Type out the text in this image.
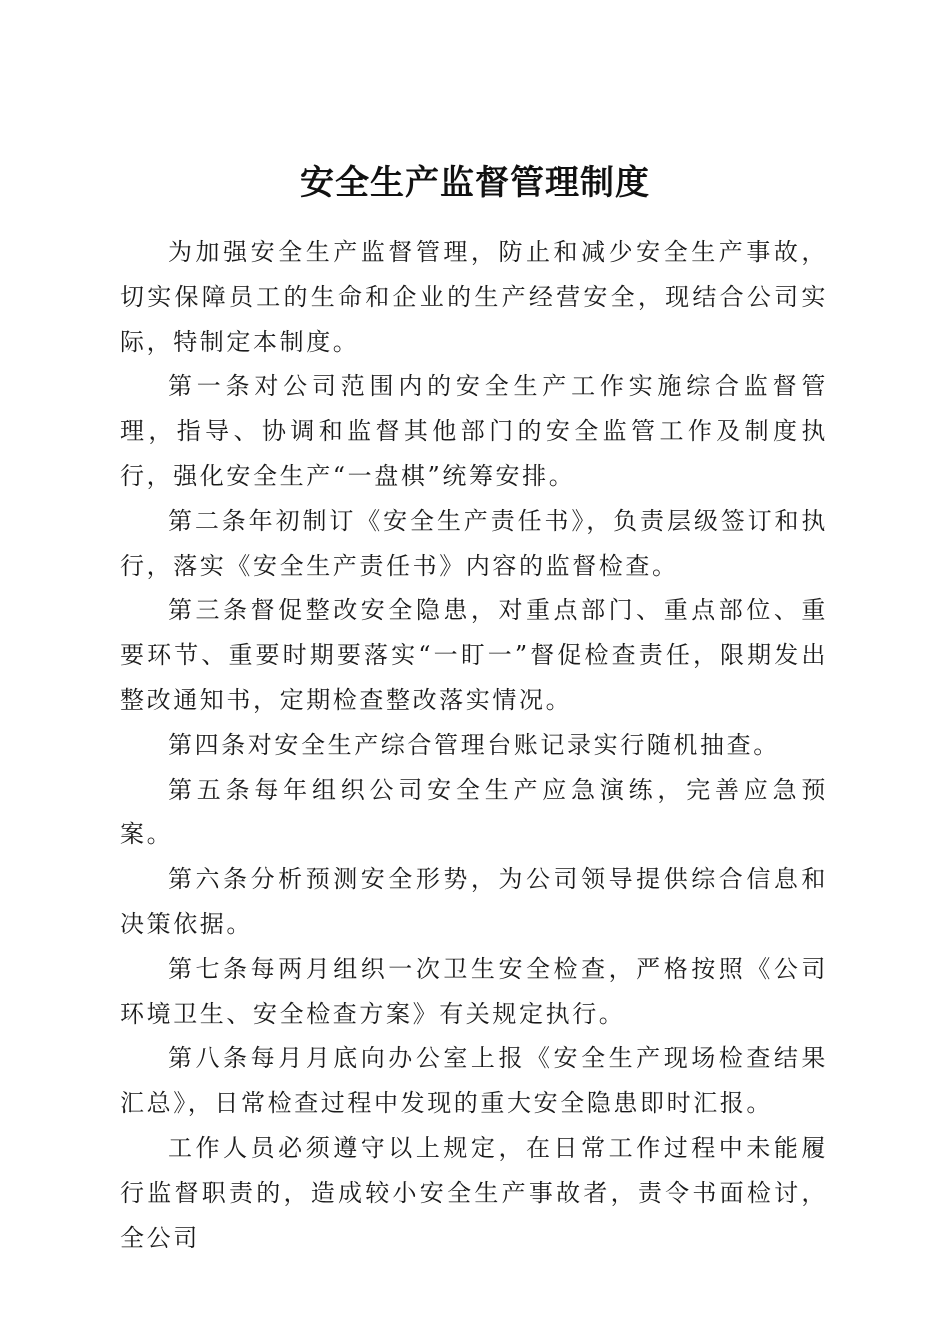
安全生产监督管理制度

为加强安全生产监督管理，防止和减少安全生产事故，切实保障员工的生命和企业的生产经营安全，现结合公司实际，特制定本制度。

第一条对公司范围内的安全生产工作实施综合监督管理，指导、协调和监督其他部门的安全监管工作及制度执行，强化安全生产“一盘棋”统筹安排。

第二条年初制订《安全生产责任书》，负责层级签订和执行，落实《安全生产责任书》内容的监督检查。

第三条督促整改安全隐患，对重点部门、重点部位、重要环节、重要时期要落实“一盯一”督促检查责任，限期发出整改通知书，定期检查整改落实情况。

第四条对安全生产综合管理台账记录实行随机抽查。

第五条每年组织公司安全生产应急演练，完善应急预案。

第六条分析预测安全形势，为公司领导提供综合信息和决策依据。

第七条每两月组织一次卫生安全检查，严格按照《公司环境卫生、安全检查方案》有关规定执行。

第八条每月月底向办公室上报《安全生产现场检查结果汇总》，日常检查过程中发现的重大安全隐患即时汇报。

工作人员必须遵守以上规定，在日常工作过程中未能履行监督职责的，造成较小安全生产事故者，责令书面检讨，全公司
